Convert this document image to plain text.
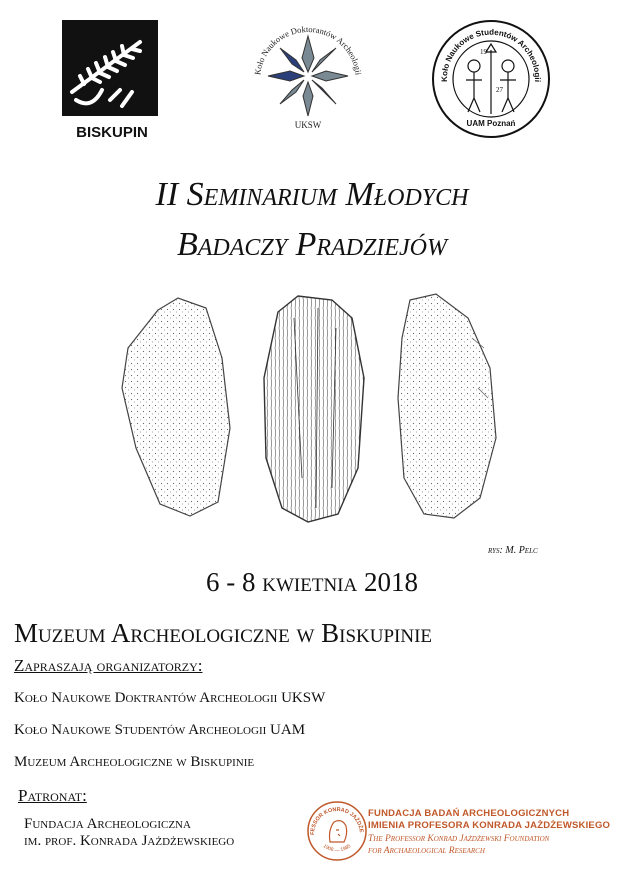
BISKUPIN
Koło Naukowe Doktorantów Archeologii
UKSW
Koło Naukowe Studentów Archeologii
19
27
UAM Poznań
II Seminarium Młodych
Badaczy Pradziejów
rys: M. Pelc
6 - 8 kwietnia 2018
Muzeum Archeologiczne w Biskupinie
Zapraszają organizatorzy:
Koło Naukowe Doktrantów Archeologii UKSW
Koło Naukowe Studentów Archeologii UAM
Muzeum Archeologiczne w Biskupinie
Patronat:
Fundacja Archeologiczna
im. prof. Konrada Jażdżewskiego	FESSOR KONRAD JAŻDŻE
1908 — 1985
FUNDACJA BADAŃ ARCHEOLOGICZNYCH
IMIENIA PROFESORA KONRADA JAŻDŻEWSKIEGO
The Professor Konrad Jażdżewski Foundation
for Archaeological Research
